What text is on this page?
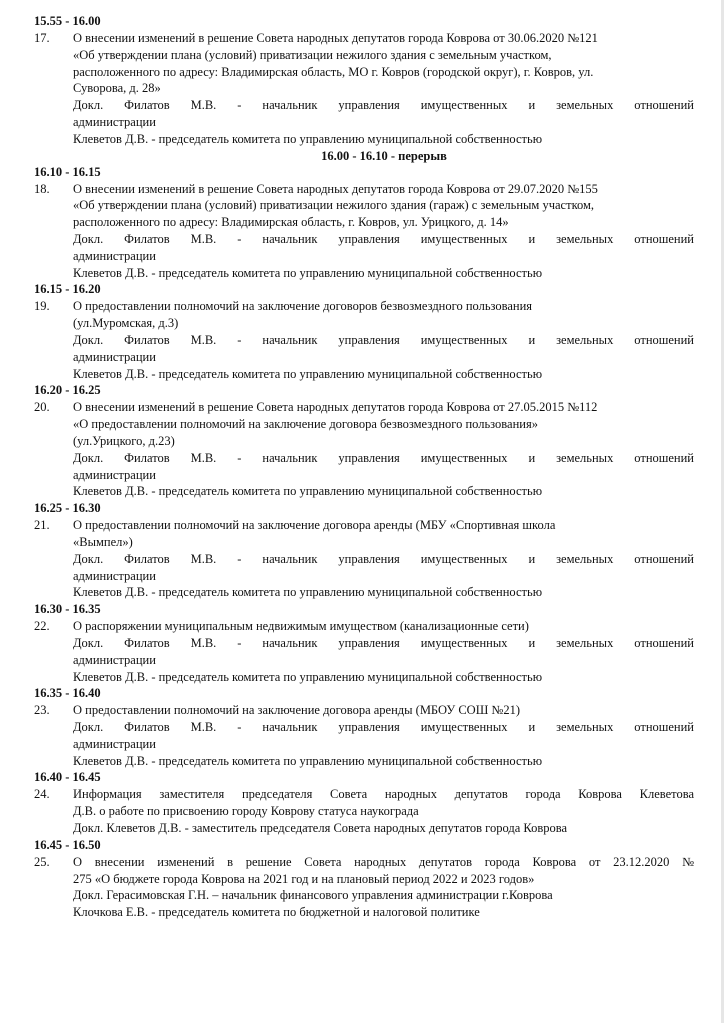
15.55 - 16.00
17.	О внесении изменений в решение Совета народных депутатов города Коврова от 30.06.2020 №121
«Об утверждении плана (условий) приватизации нежилого здания с земельным участком,
расположенного по адресу: Владимирская область, МО г. Ковров (городской округ), г. Ковров, ул.
Суворова, д. 28»
Докл. Филатов М.В. - начальник управления имущественных и земельных отношений
администрации
Клеветов Д.В. - председатель комитета по управлению муниципальной собственностью
16.00 - 16.10 - перерыв
16.10 - 16.15
18.	О внесении изменений в решение Совета народных депутатов города Коврова от 29.07.2020 №155
«Об утверждении плана (условий) приватизации нежилого здания (гараж) с земельным участком,
расположенного по адресу: Владимирская область, г. Ковров, ул. Урицкого, д. 14»
Докл. Филатов М.В. - начальник управления имущественных и земельных отношений
администрации
Клеветов Д.В. - председатель комитета по управлению муниципальной собственностью
16.15 - 16.20
19.	О предоставлении полномочий на заключение договоров безвозмездного пользования
(ул.Муромская, д.3)
Докл. Филатов М.В. - начальник управления имущественных и земельных отношений
администрации
Клеветов Д.В. - председатель комитета по управлению муниципальной собственностью
16.20 - 16.25
20.	О внесении изменений в решение Совета народных депутатов города Коврова от 27.05.2015 №112
«О предоставлении полномочий на заключение договора безвозмездного пользования»
(ул.Урицкого, д.23)
Докл. Филатов М.В. - начальник управления имущественных и земельных отношений
администрации
Клеветов Д.В. - председатель комитета по управлению муниципальной собственностью
16.25 - 16.30
21.	О предоставлении полномочий на заключение договора аренды (МБУ «Спортивная школа
«Вымпел»)
Докл. Филатов М.В. - начальник управления имущественных и земельных отношений
администрации
Клеветов Д.В. - председатель комитета по управлению муниципальной собственностью
16.30 - 16.35
22.	О распоряжении муниципальным недвижимым имуществом (канализационные сети)
Докл. Филатов М.В. - начальник управления имущественных и земельных отношений
администрации
Клеветов Д.В. - председатель комитета по управлению муниципальной собственностью
16.35 - 16.40
23.	О предоставлении полномочий на заключение договора аренды (МБОУ СОШ №21)
Докл. Филатов М.В. - начальник управления имущественных и земельных отношений
администрации
Клеветов Д.В. - председатель комитета по управлению муниципальной собственностью
16.40 - 16.45
24.	Информация заместителя председателя Совета народных депутатов города Коврова Клеветова
Д.В. о работе по присвоению городу Коврову статуса наукограда
Докл. Клеветов Д.В. - заместитель председателя Совета народных депутатов города Коврова
16.45 - 16.50
25.	О внесении изменений в решение Совета народных депутатов города Коврова от 23.12.2020 №
275 «О бюджете города Коврова на 2021 год и на плановый период 2022 и 2023 годов»
Докл. Герасимовская Г.Н. – начальник финансового управления администрации г.Коврова
Клочкова Е.В. - председатель комитета по бюджетной и налоговой политике
